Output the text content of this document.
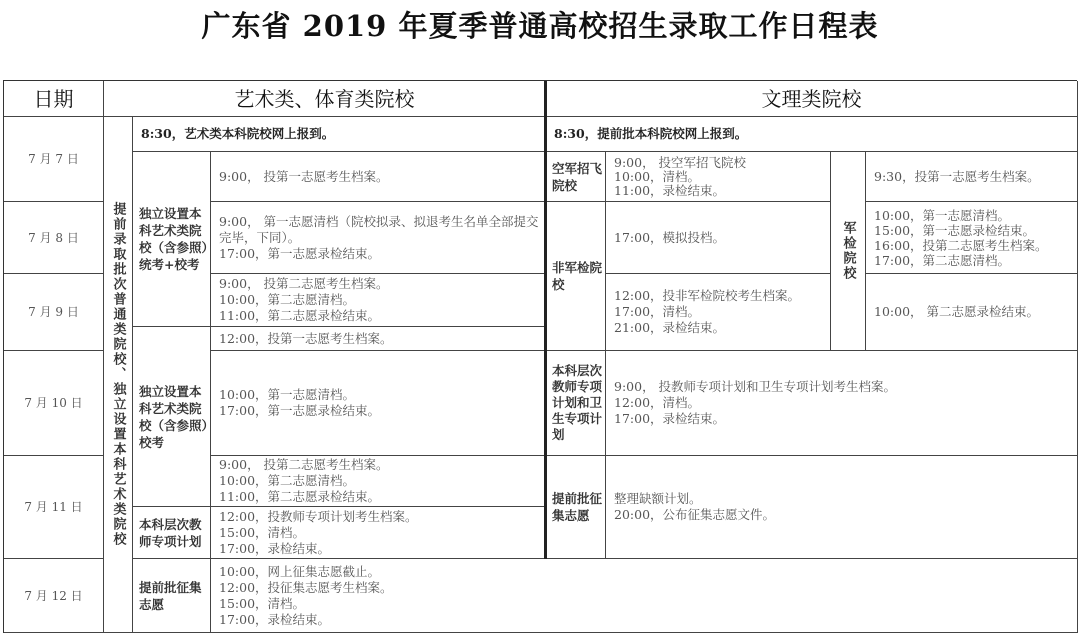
广东省 2019 年夏季普通高校招生录取工作日程表
日期	艺术类、体育类院校	文理类院校
7 月 7 日
7 月 8 日
7 月 9 日
7 月 10 日
7 月 11 日
7 月 12 日
提前录取批次普通类院校、独立设置本科艺术类院校
8:30，艺术类本科院校网上报到。
独立设置本科艺术类院校（含参照）统考+校考
独立设置本科艺术类院校（含参照）校考
本科层次教师专项计划
提前批征集志愿
9:00， 投第一志愿考生档案。
9:00， 第一志愿清档（院校拟录、拟退考生名单全部提交完毕，下同）。
17:00，第一志愿录检结束。
9:00， 投第二志愿考生档案。
10:00，第二志愿清档。
11:00，第二志愿录检结束。
12:00，投第一志愿考生档案。
10:00，第一志愿清档。
17:00，第一志愿录检结束。
9:00， 投第二志愿考生档案。
10:00，第二志愿清档。
11:00，第二志愿录检结束。
12:00，投教师专项计划考生档案。
15:00，清档。
17:00，录检结束。
10:00，网上征集志愿截止。
12:00，投征集志愿考生档案。
15:00，清档。
17:00，录检结束。
8:30，提前批本科院校网上报到。
空军招飞院校
9:00， 投空军招飞院校
10:00，清档。
11:00，录检结束。
非军检院校
17:00，模拟投档。
12:00，投非军检院校考生档案。
17:00，清档。
21:00，录检结束。
军检院校
9:30，投第一志愿考生档案。
10:00，第一志愿清档。
15:00，第一志愿录检结束。
16:00，投第二志愿考生档案。
17:00，第二志愿清档。
10:00， 第二志愿录检结束。
本科层次教师专项计划和卫生专项计划
9:00， 投教师专项计划和卫生专项计划考生档案。
12:00，清档。
17:00，录检结束。
提前批征集志愿
整理缺额计划。
20:00，公布征集志愿文件。
